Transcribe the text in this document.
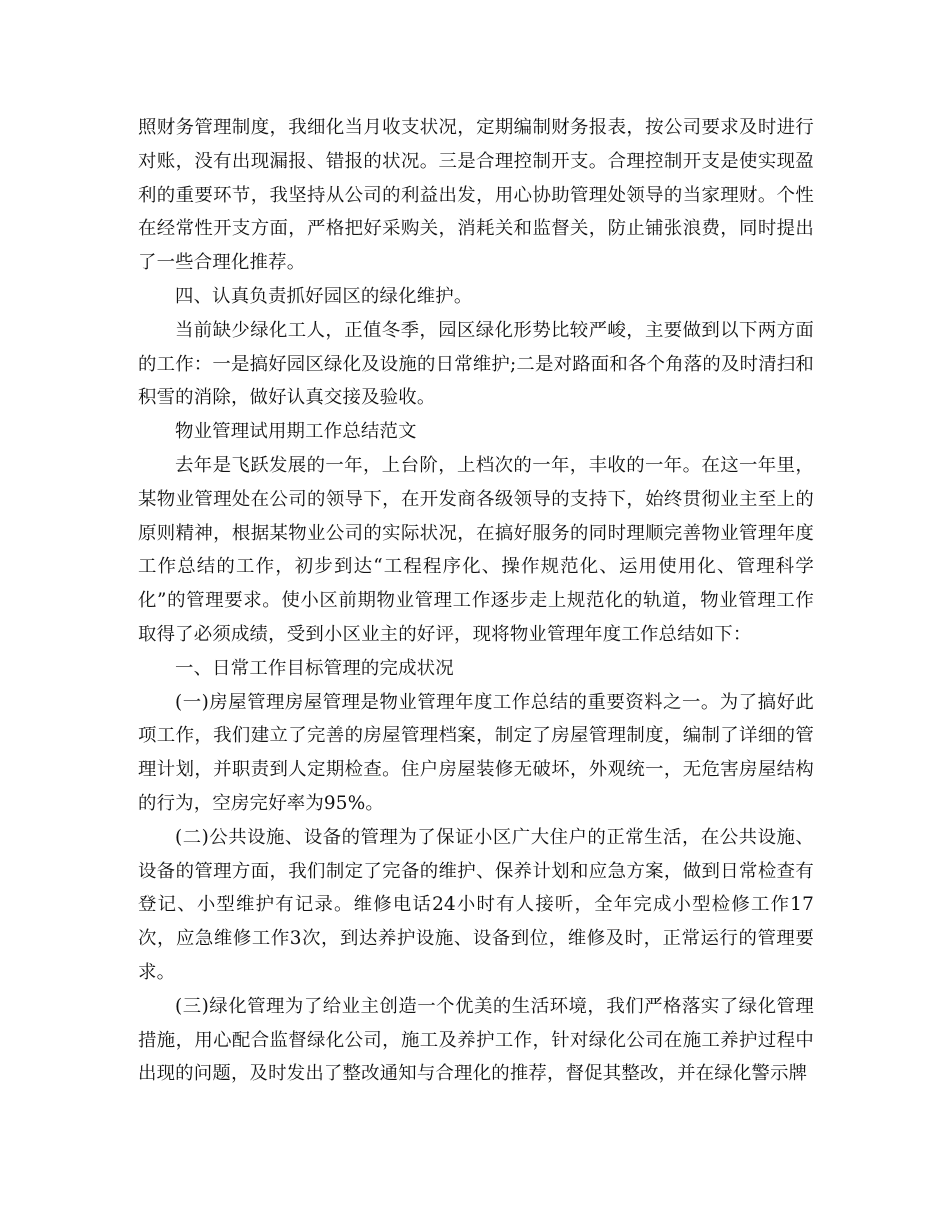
照财务管理制度，我细化当月收支状况，定期编制财务报表，按公司要求及时进行对账，没有出现漏报、错报的状况。三是合理控制开支。合理控制开支是使实现盈利的重要环节，我坚持从公司的利益出发，用心协助管理处领导的当家理财。个性在经常性开支方面，严格把好采购关，消耗关和监督关，防止铺张浪费，同时提出了一些合理化推荐。

四、认真负责抓好园区的绿化维护。

当前缺少绿化工人，正值冬季，园区绿化形势比较严峻，主要做到以下两方面的工作：一是搞好园区绿化及设施的日常维护;二是对路面和各个角落的及时清扫和积雪的消除，做好认真交接及验收。

物业管理试用期工作总结范文

去年是飞跃发展的一年，上台阶，上档次的一年，丰收的一年。在这一年里，某物业管理处在公司的领导下，在开发商各级领导的支持下，始终贯彻业主至上的原则精神，根据某物业公司的实际状况，在搞好服务的同时理顺完善物业管理年度工作总结的工作，初步到达“工程程序化、操作规范化、运用使用化、管理科学化”的管理要求。使小区前期物业管理工作逐步走上规范化的轨道，物业管理工作取得了必须成绩，受到小区业主的好评，现将物业管理年度工作总结如下：

一、日常工作目标管理的完成状况

(一)房屋管理房屋管理是物业管理年度工作总结的重要资料之一。为了搞好此项工作，我们建立了完善的房屋管理档案，制定了房屋管理制度，编制了详细的管理计划，并职责到人定期检查。住户房屋装修无破坏，外观统一，无危害房屋结构的行为，空房完好率为95%。

(二)公共设施、设备的管理为了保证小区广大住户的正常生活，在公共设施、设备的管理方面，我们制定了完备的维护、保养计划和应急方案，做到日常检查有登记、小型维护有记录。维修电话24小时有人接听，全年完成小型检修工作17次，应急维修工作3次，到达养护设施、设备到位，维修及时，正常运行的管理要求。

(三)绿化管理为了给业主创造一个优美的生活环境，我们严格落实了绿化管理措施，用心配合监督绿化公司，施工及养护工作，针对绿化公司在施工养护过程中出现的问题，及时发出了整改通知与合理化的推荐，督促其整改，并在绿化警示牌
